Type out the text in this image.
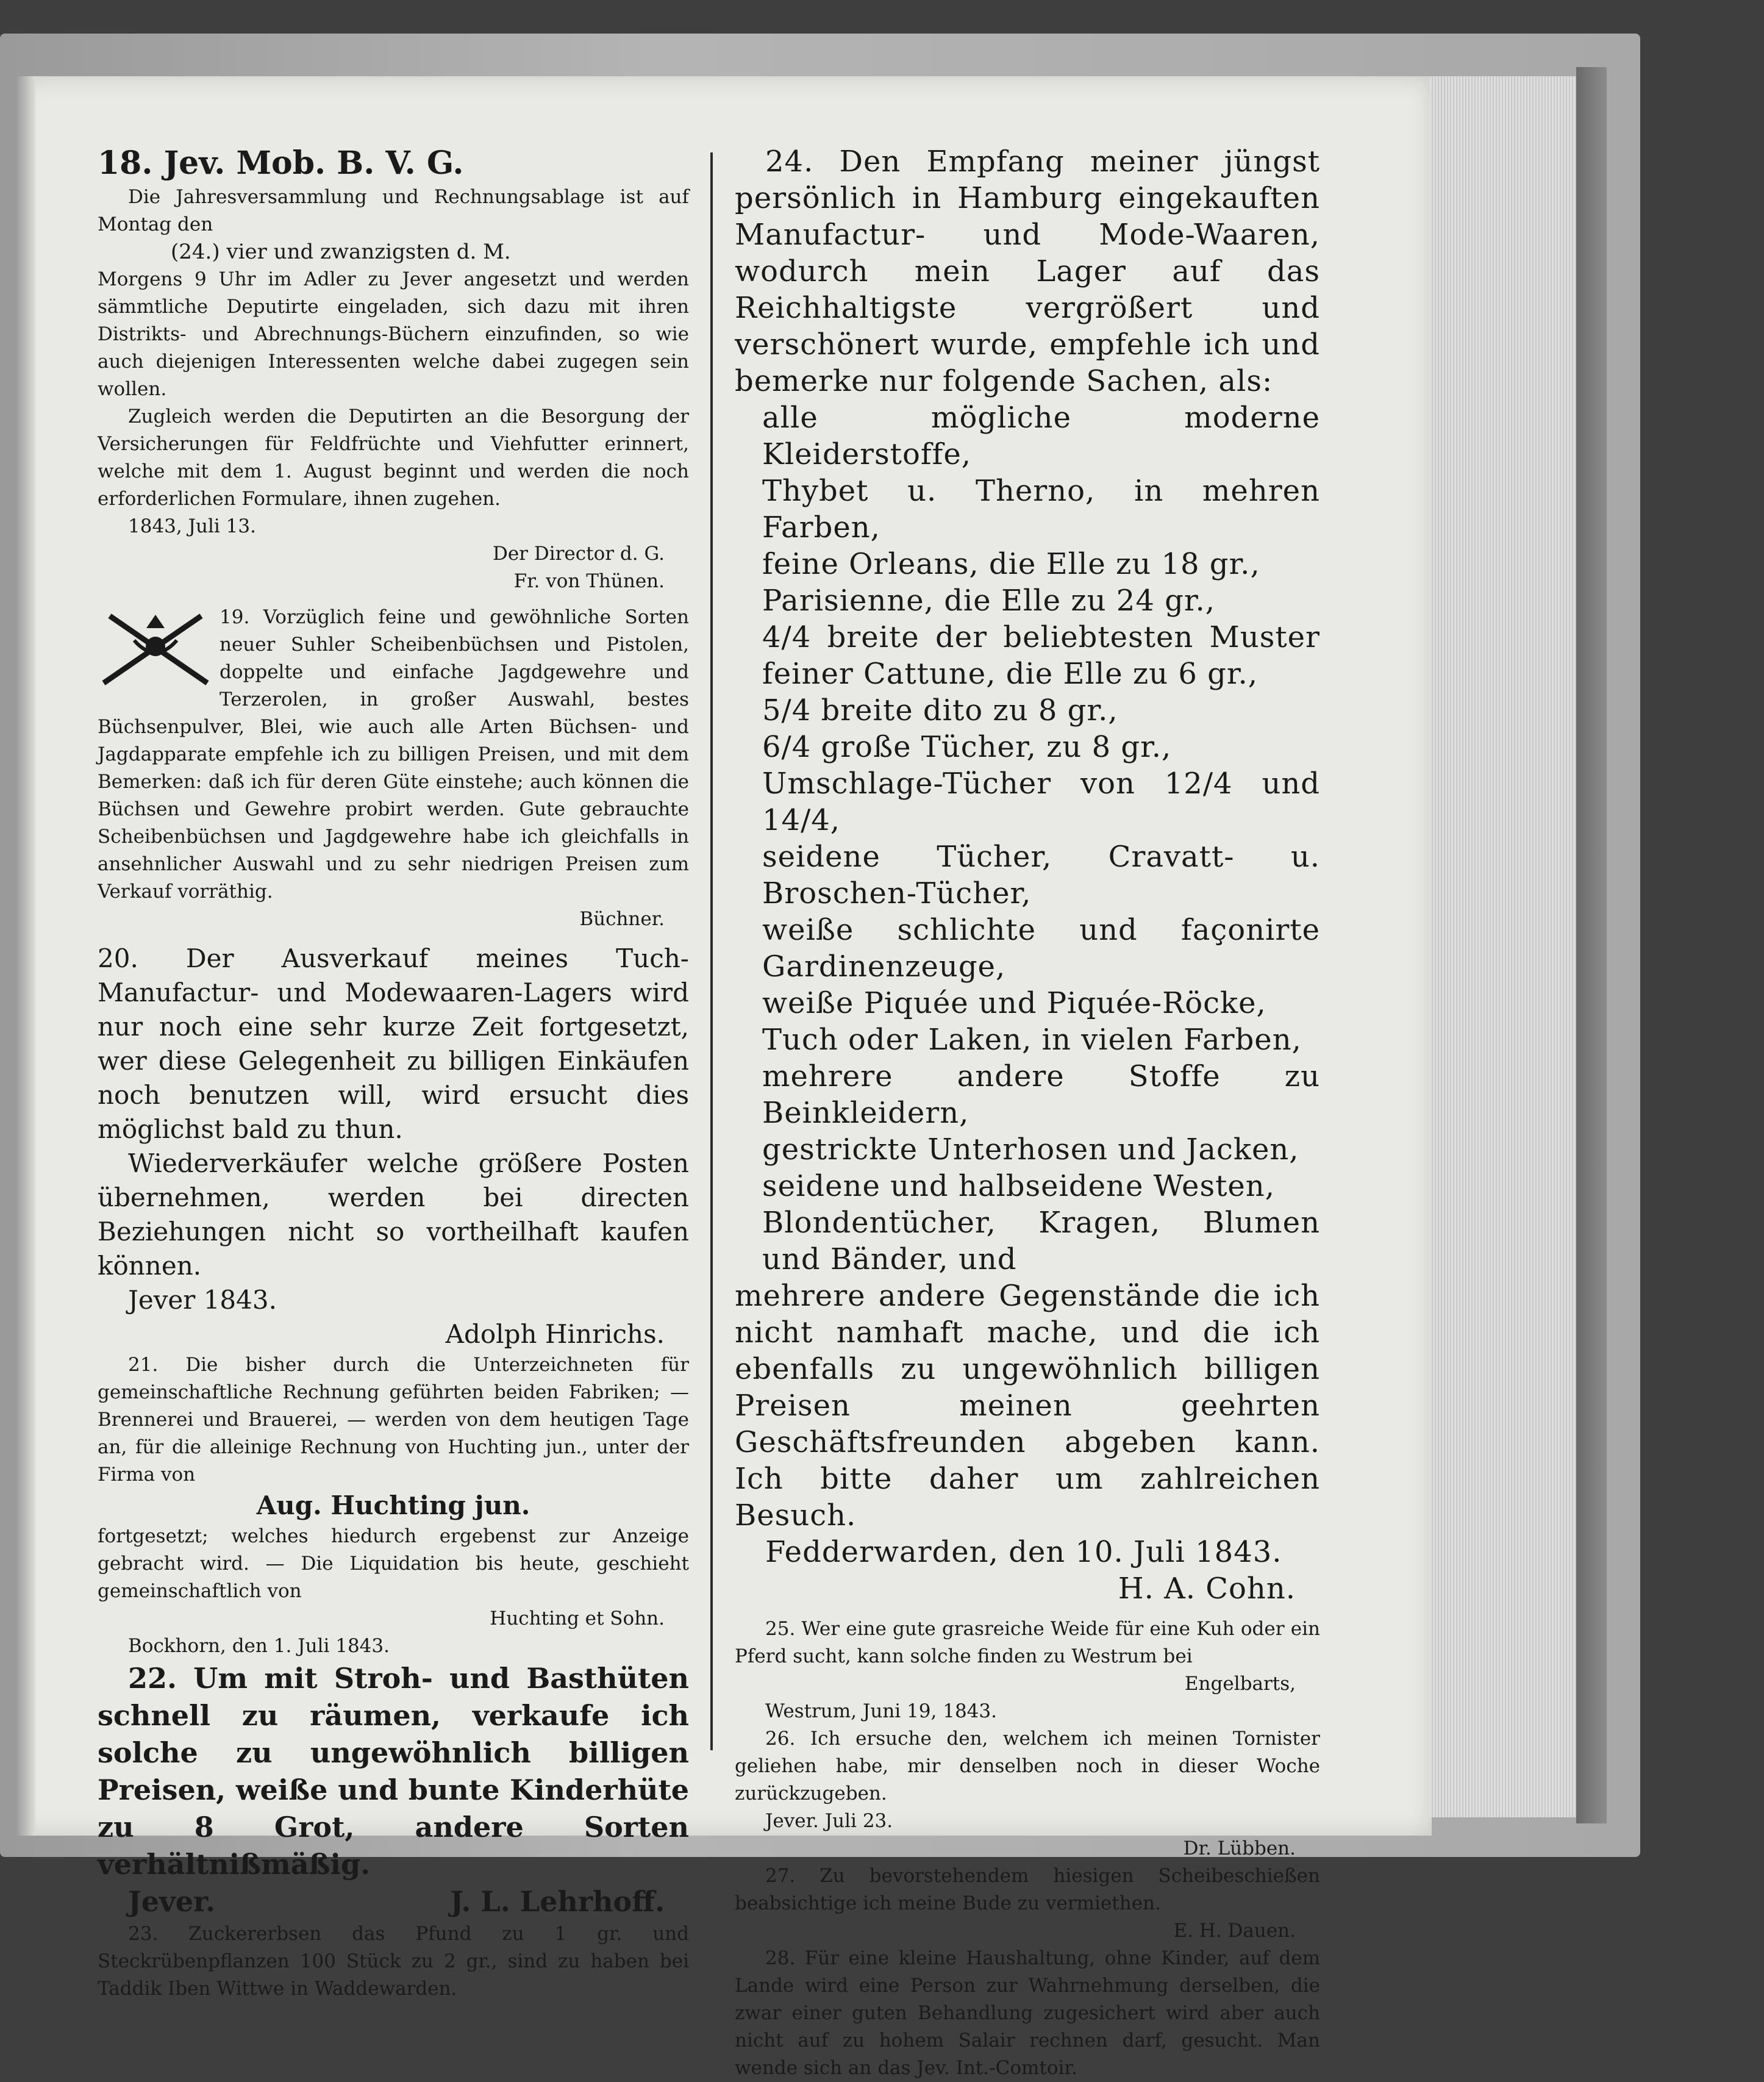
18. Jev. Mob. B. V. G.

Die Jahresversammlung und Rechnungsablage ist auf Montag den

(24.) vier und zwanzigsten d. M.

Morgens 9 Uhr im Adler zu Jever angesetzt und werden sämmtliche Deputirte eingeladen, sich dazu mit ihren Distrikts- und Abrechnungs-Büchern einzufinden, so wie auch diejenigen Interessenten welche dabei zugegen sein wollen.

Zugleich werden die Deputirten an die Besorgung der Versicherungen für Feldfrüchte und Viehfutter erinnert, welche mit dem 1. August beginnt und werden die noch erforderlichen Formulare, ihnen zugehen.

1843, Juli 13.

Der Director d. G.

Fr. von Thünen.

19. Vorzüglich feine und gewöhnliche Sorten neuer Suhler Scheibenbüchsen und Pistolen, doppelte und einfache Jagdgewehre und Terzerolen, in großer Auswahl, bestes Büchsenpulver, Blei, wie auch alle Arten Büchsen- und Jagdapparate empfehle ich zu billigen Preisen, und mit dem Bemerken: daß ich für deren Güte einstehe; auch können die Büchsen und Gewehre probirt werden. Gute gebrauchte Scheibenbüchsen und Jagdgewehre habe ich gleichfalls in ansehnlicher Auswahl und zu sehr niedrigen Preisen zum Verkauf vorräthig.

Büchner.

20. Der Ausverkauf meines Tuch- Manufactur- und Modewaaren-Lagers wird nur noch eine sehr kurze Zeit fortgesetzt, wer diese Gelegenheit zu billigen Einkäufen noch benutzen will, wird ersucht dies möglichst bald zu thun.

Wiederverkäufer welche größere Posten übernehmen, werden bei directen Beziehungen nicht so vortheilhaft kaufen können.

Jever 1843.

Adolph Hinrichs.

21. Die bisher durch die Unterzeichneten für gemeinschaftliche Rechnung geführten beiden Fabriken; — Brennerei und Brauerei, — werden von dem heutigen Tage an, für die alleinige Rechnung von Huchting jun., unter der Firma von

Aug. Huchting jun.

fortgesetzt; welches hiedurch ergebenst zur Anzeige gebracht wird. — Die Liquidation bis heute, geschieht gemeinschaftlich von

Huchting et Sohn.

Bockhorn, den 1. Juli 1843.

22. Um mit Stroh- und Basthüten schnell zu räumen, verkaufe ich solche zu ungewöhnlich billigen Preisen, weiße und bunte Kinderhüte zu 8 Grot, andere Sorten verhältnißmäßig.

Jever.	J. L. Lehrhoff.

23. Zuckererbsen das Pfund zu 1 gr. und Steckrübenpflanzen 100 Stück zu 2 gr., sind zu haben bei Taddik Iben Wittwe in Waddewarden.

24. Den Empfang meiner jüngst persönlich in Hamburg eingekauften Manufactur- und Mode-Waaren, wodurch mein Lager auf das Reichhaltigste vergrößert und verschönert wurde, empfehle ich und bemerke nur folgende Sachen, als:

alle mögliche moderne Kleiderstoffe,

Thybet u. Therno, in mehren Farben,

feine Orleans, die Elle zu 18 gr.,

Parisienne, die Elle zu 24 gr.,

4/4 breite der beliebtesten Muster feiner Cattune, die Elle zu 6 gr.,

5/4 breite dito zu 8 gr.,

6/4 große Tücher, zu 8 gr.,

Umschlage-Tücher von 12/4 und 14/4,

seidene Tücher, Cravatt- u. Broschen-Tücher,

weiße schlichte und façonirte Gardinenzeuge,

weiße Piquée und Piquée-Röcke,

Tuch oder Laken, in vielen Farben,

mehrere andere Stoffe zu Beinkleidern,

gestrickte Unterhosen und Jacken,

seidene und halbseidene Westen,

Blondentücher, Kragen, Blumen und Bänder, und

mehrere andere Gegenstände die ich nicht namhaft mache, und die ich ebenfalls zu ungewöhnlich billigen Preisen meinen geehrten Geschäftsfreunden abgeben kann. Ich bitte daher um zahlreichen Besuch.

Fedderwarden, den 10. Juli 1843.

H. A. Cohn.

25. Wer eine gute grasreiche Weide für eine Kuh oder ein Pferd sucht, kann solche finden zu Westrum bei

Engelbarts,

Westrum, Juni 19, 1843.

26. Ich ersuche den, welchem ich meinen Tornister geliehen habe, mir denselben noch in dieser Woche zurückzugeben.

Jever. Juli 23.

Dr. Lübben.

27. Zu bevorstehendem hiesigen Scheibeschießen beabsichtige ich meine Bude zu vermiethen.

E. H. Dauen.

28. Für eine kleine Haushaltung, ohne Kinder, auf dem Lande wird eine Person zur Wahrnehmung derselben, die zwar einer guten Behandlung zugesichert wird aber auch nicht auf zu hohem Salair rechnen darf, gesucht. Man wende sich an das Jev. Int.-Comtoir.
